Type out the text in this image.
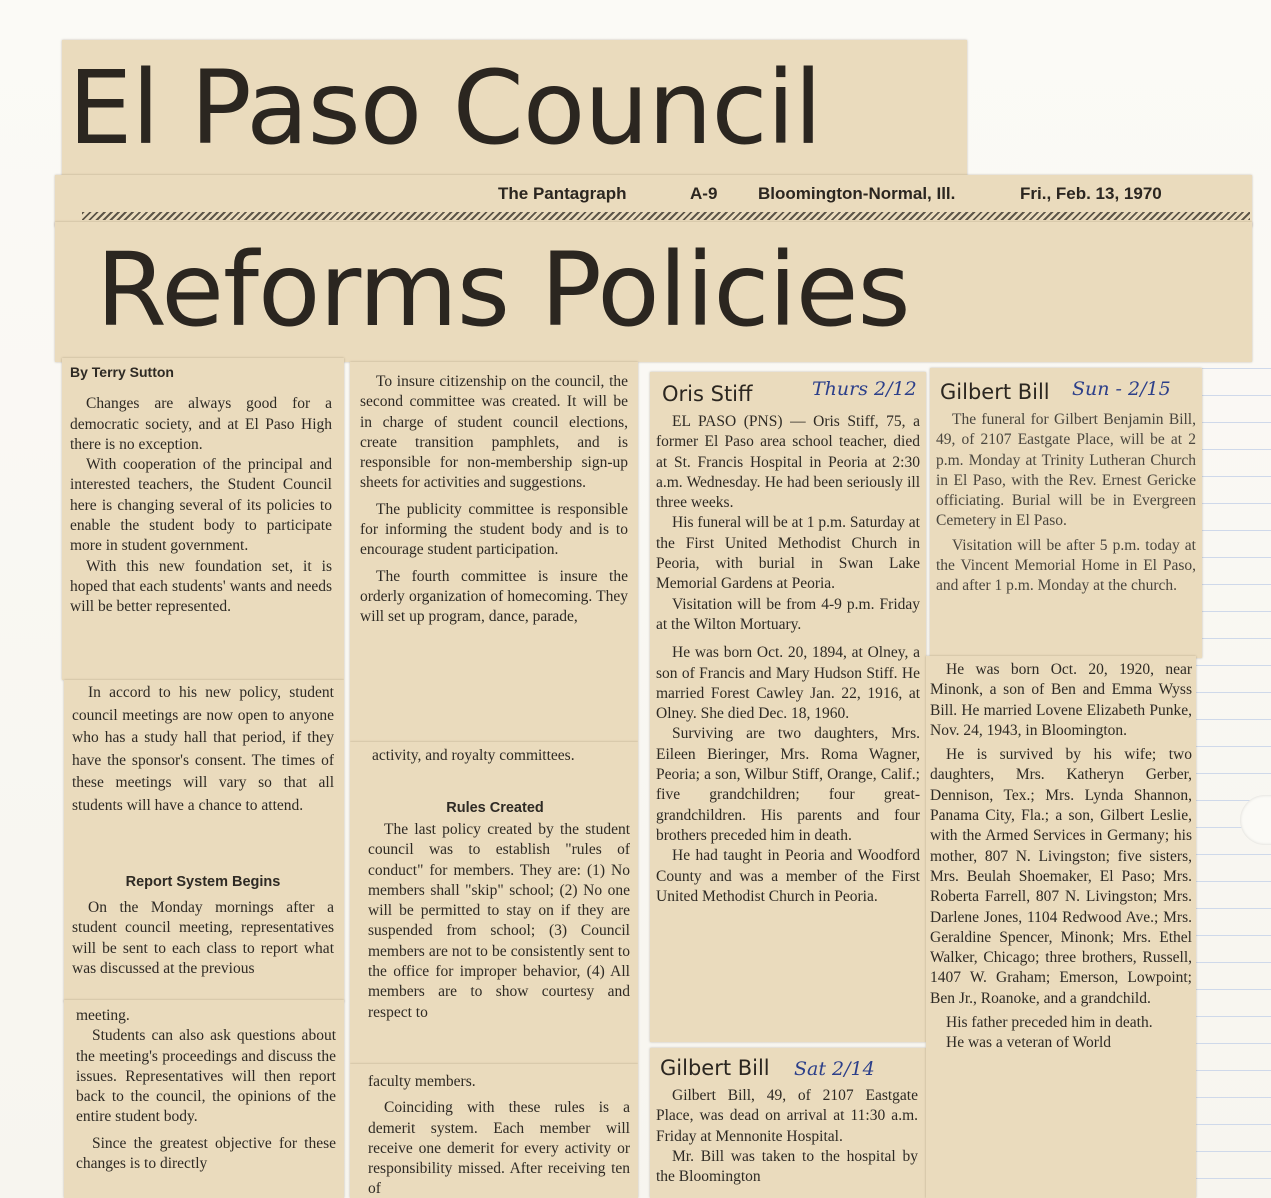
El Paso Council
The Pantagraph	A-9 Bloomington-Normal, Ill.	Fri., Feb. 13, 1970
Reforms Policies

By Terry Sutton

Changes are always good for a democratic society, and at El Paso High there is no exception.

With cooperation of the principal and interested teachers, the Student Council here is changing several of its policies to enable the student body to participate more in student government.

With this new foundation set, it is hoped that each students' wants and needs will be better represented.

In accord to his new policy, student council meetings are now open to anyone who has a study hall that period, if they have the sponsor's consent. The times of these meetings will vary so that all students will have a chance to attend.

Report System Begins

On the Monday mornings after a student council meeting, representatives will be sent to each class to report what was discussed at the previous

meeting.

Students can also ask questions about the meeting's proceedings and discuss the issues. Representatives will then report back to the council, the opinions of the entire student body.

Since the greatest objective for these changes is to directly

To insure citizenship on the council, the second committee was created. It will be in charge of student council elections, create transition pamphlets, and is responsible for non-membership sign-up sheets for activities and suggestions.

The publicity committee is responsible for informing the student body and is to encourage student participation.

The fourth committee is insure the orderly organization of homecoming. They will set up program, dance, parade,

activity, and royalty committees.

Rules Created

The last policy created by the student council was to establish "rules of conduct" for members. They are: (1) No members shall "skip" school; (2) No one will be permitted to stay on if they are suspended from school; (3) Council members are not to be consistently sent to the office for improper behavior, (4) All members are to show courtesy and respect to

faculty members.

Coinciding with these rules is a demerit system. Each member will receive one demerit for every activity or responsibility missed. After receiving ten of

Oris Stiff	Thurs 2/12

EL PASO (PNS) — Oris Stiff, 75, a former El Paso area school teacher, died at St. Francis Hospital in Peoria at 2:30 a.m. Wednesday. He had been seriously ill three weeks.

His funeral will be at 1 p.m. Saturday at the First United Methodist Church in Peoria, with burial in Swan Lake Memorial Gardens at Peoria.

Visitation will be from 4-9 p.m. Friday at the Wilton Mortuary.

He was born Oct. 20, 1894, at Olney, a son of Francis and Mary Hudson Stiff. He married Forest Cawley Jan. 22, 1916, at Olney. She died Dec. 18, 1960.

Surviving are two daughters, Mrs. Eileen Bieringer, Mrs. Roma Wagner, Peoria; a son, Wilbur Stiff, Orange, Calif.; five grandchildren; four great-grandchildren. His parents and four brothers preceded him in death.

He had taught in Peoria and Woodford County and was a member of the First United Methodist Church in Peoria.

Gilbert Bill Sat 2/14

Gilbert Bill, 49, of 2107 Eastgate Place, was dead on arrival at 11:30 a.m. Friday at Mennonite Hospital.

Mr. Bill was taken to the hospital by the Bloomington

Gilbert Bill Sun - 2/15

The funeral for Gilbert Benjamin Bill, 49, of 2107 Eastgate Place, will be at 2 p.m. Monday at Trinity Lutheran Church in El Paso, with the Rev. Ernest Gericke officiating. Burial will be in Evergreen Cemetery in El Paso.

Visitation will be after 5 p.m. today at the Vincent Memorial Home in El Paso, and after 1 p.m. Monday at the church.

He was born Oct. 20, 1920, near Minonk, a son of Ben and Emma Wyss Bill. He married Lovene Elizabeth Punke, Nov. 24, 1943, in Bloomington.

He is survived by his wife; two daughters, Mrs. Katheryn Gerber, Dennison, Tex.; Mrs. Lynda Shannon, Panama City, Fla.; a son, Gilbert Leslie, with the Armed Services in Germany; his mother, 807 N. Livingston; five sisters, Mrs. Beulah Shoemaker, El Paso; Mrs. Roberta Farrell, 807 N. Livingston; Mrs. Darlene Jones, 1104 Redwood Ave.; Mrs. Geraldine Spencer, Minonk; Mrs. Ethel Walker, Chicago; three brothers, Russell, 1407 W. Graham; Emerson, Lowpoint; Ben Jr., Roanoke, and a grandchild.

His father preceded him in death.

He was a veteran of World
